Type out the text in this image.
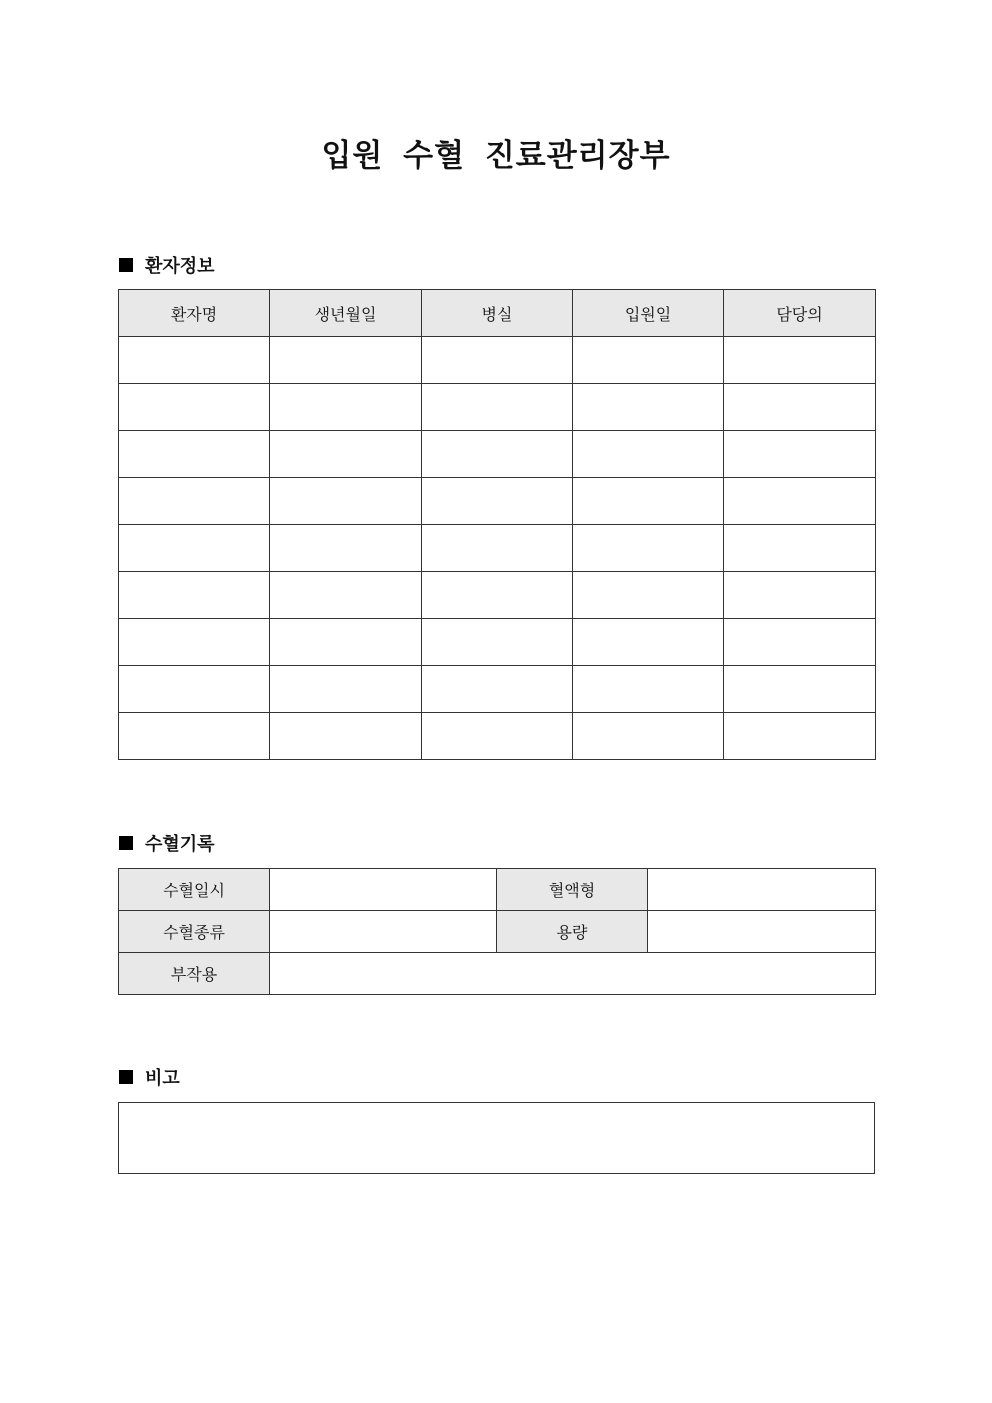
입원 수혈 진료관리장부
환자정보
환자명	생년월일	병실	입원일	담당의

수혈기록
수혈일시		혈액형	
수혈종류		용량	
부작용			
비고
